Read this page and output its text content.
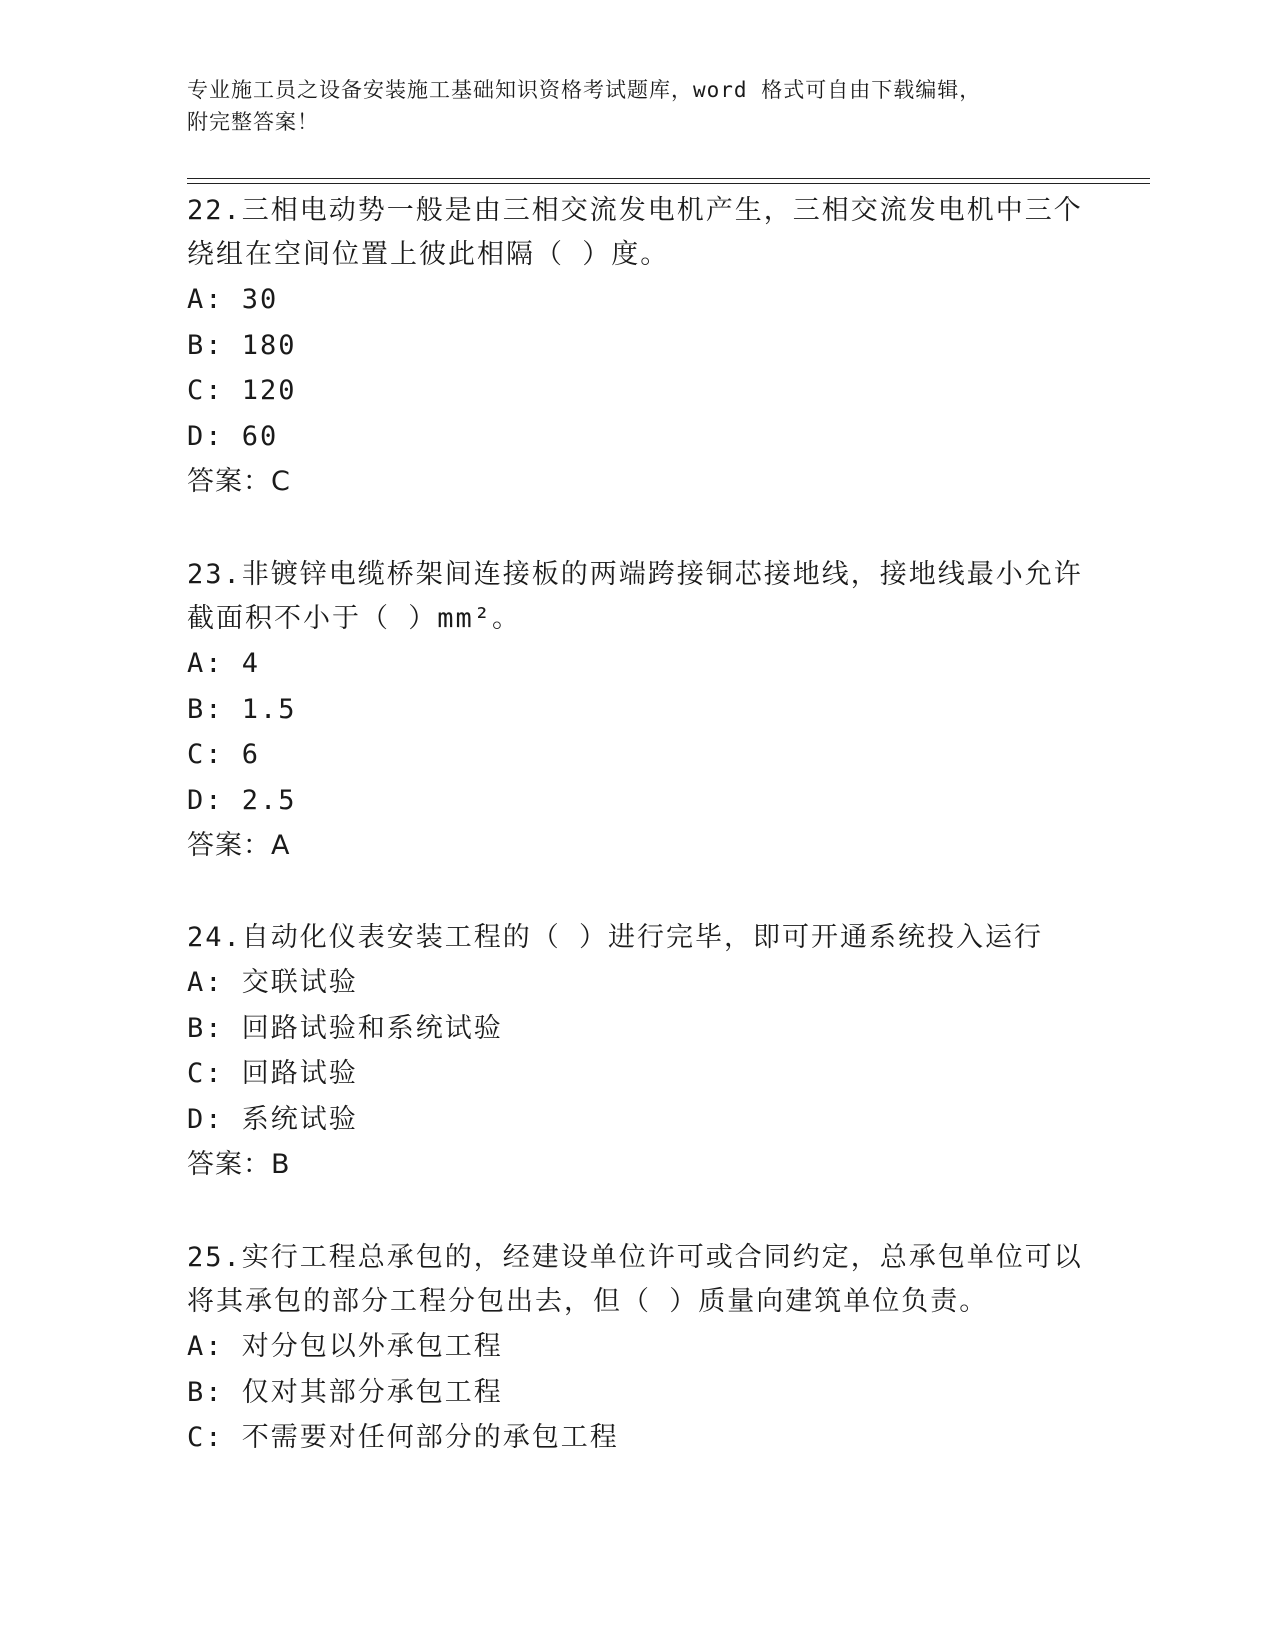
专业施工员之设备安装施工基础知识资格考试题库，word 格式可自由下载编辑，
附完整答案！
22.三相电动势一般是由三相交流发电机产生，三相交流发电机中三个
绕组在空间位置上彼此相隔（ ）度。
A: 30
B: 180
C: 120
D: 60
答案：C
23.非镀锌电缆桥架间连接板的两端跨接铜芯接地线，接地线最小允许
截面积不小于（ ）mm²。
A: 4
B: 1.5
C: 6
D: 2.5
答案：A
24.自动化仪表安装工程的（ ）进行完毕，即可开通系统投入运行
A: 交联试验
B: 回路试验和系统试验
C: 回路试验
D: 系统试验
答案：B
25.实行工程总承包的，经建设单位许可或合同约定，总承包单位可以
将其承包的部分工程分包出去，但（ ）质量向建筑单位负责。
A: 对分包以外承包工程
B: 仅对其部分承包工程
C: 不需要对任何部分的承包工程
